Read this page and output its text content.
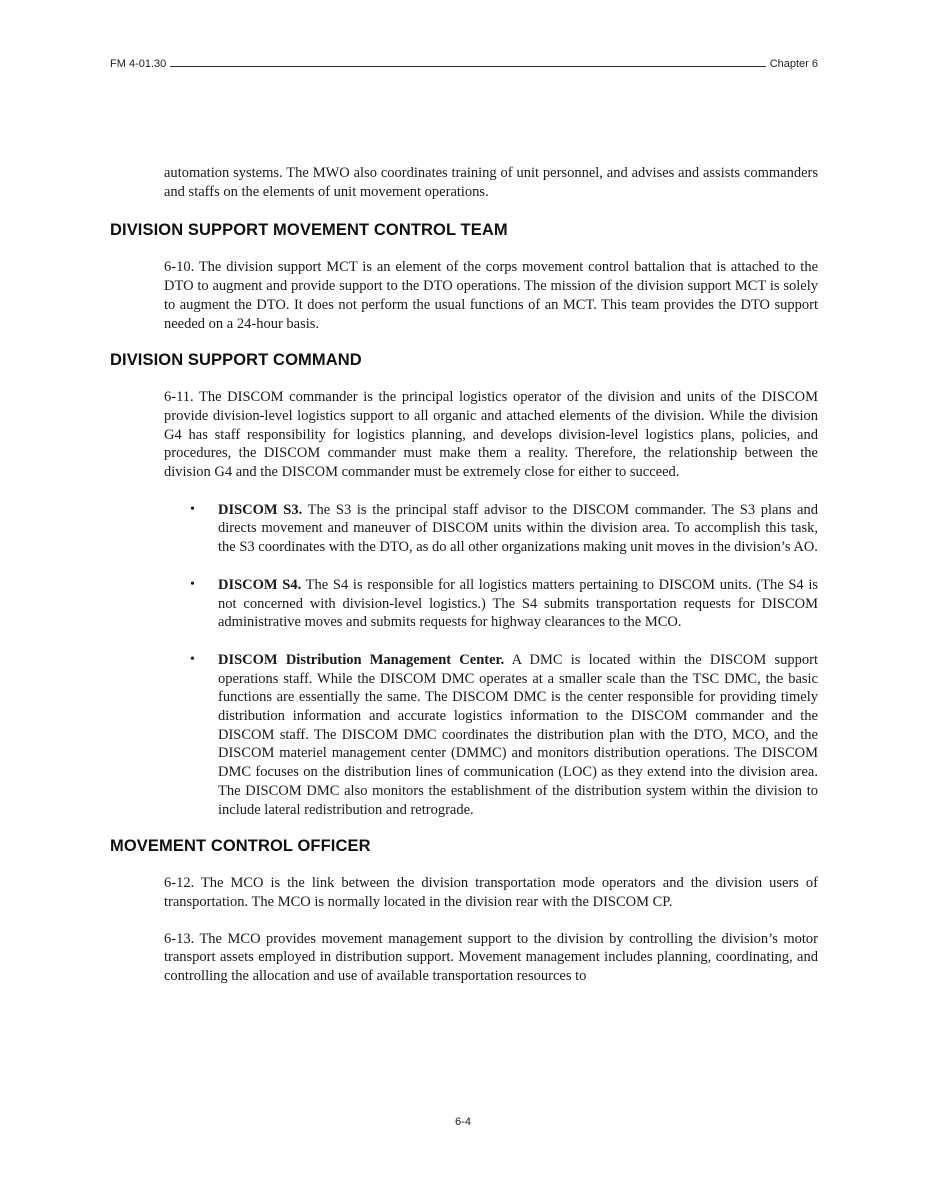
FM 4-01.30	Chapter 6

automation systems. The MWO also coordinates training of unit personnel, and advises and assists commanders and staffs on the elements of unit movement operations.

DIVISION SUPPORT MOVEMENT CONTROL TEAM

6-10. The division support MCT is an element of the corps movement control battalion that is attached to the DTO to augment and provide support to the DTO operations. The mission of the division support MCT is solely to augment the DTO. It does not perform the usual functions of an MCT. This team provides the DTO support needed on a 24-hour basis.

DIVISION SUPPORT COMMAND

6-11. The DISCOM commander is the principal logistics operator of the division and units of the DISCOM provide division-level logistics support to all organic and attached elements of the division. While the division G4 has staff responsibility for logistics planning, and develops division-level logistics plans, policies, and procedures, the DISCOM commander must make them a reality. Therefore, the relationship between the division G4 and the DISCOM commander must be extremely close for either to succeed.

• DISCOM S3. The S3 is the principal staff advisor to the DISCOM commander. The S3 plans and directs movement and maneuver of DISCOM units within the division area. To accomplish this task, the S3 coordinates with the DTO, as do all other organizations making unit moves in the division’s AO.
• DISCOM S4. The S4 is responsible for all logistics matters pertaining to DISCOM units. (The S4 is not concerned with division-level logistics.) The S4 submits transportation requests for DISCOM administrative moves and submits requests for highway clearances to the MCO.
• DISCOM Distribution Management Center. A DMC is located within the DISCOM support operations staff. While the DISCOM DMC operates at a smaller scale than the TSC DMC, the basic functions are essentially the same. The DISCOM DMC is the center responsible for providing timely distribution information and accurate logistics information to the DISCOM commander and the DISCOM staff. The DISCOM DMC coordinates the distribution plan with the DTO, MCO, and the DISCOM materiel management center (DMMC) and monitors distribution operations. The DISCOM DMC focuses on the distribution lines of communication (LOC) as they extend into the division area. The DISCOM DMC also monitors the establishment of the distribution system within the division to include lateral redistribution and retrograde.
MOVEMENT CONTROL OFFICER

6-12. The MCO is the link between the division transportation mode operators and the division users of transportation. The MCO is normally located in the division rear with the DISCOM CP.

6-13. The MCO provides movement management support to the division by controlling the division’s motor transport assets employed in distribution support. Movement management includes planning, coordinating, and controlling the allocation and use of available transportation resources to

6-4
